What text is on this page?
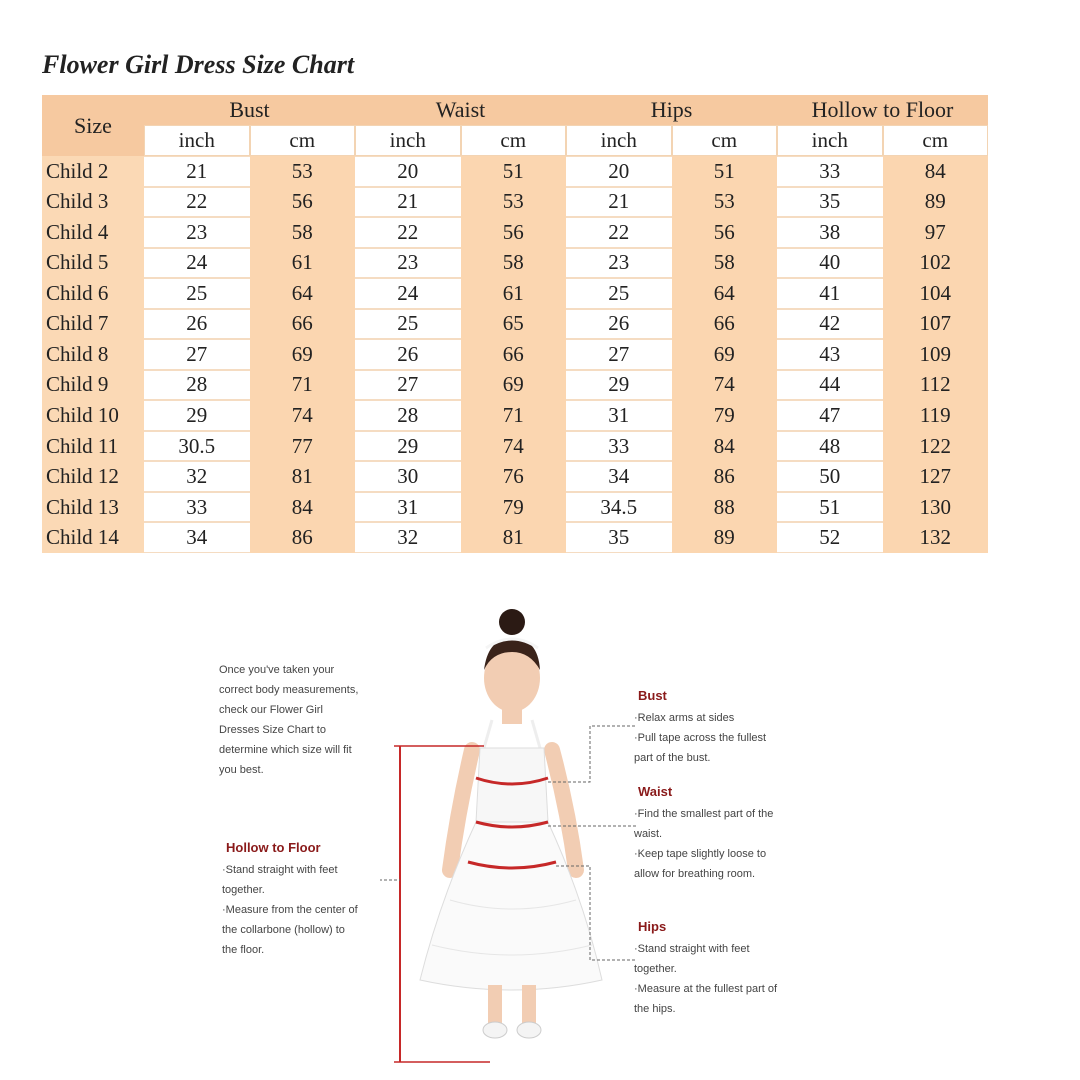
Flower Girl Dress Size Chart
Size
Bust	Waist	Hips	Hollow to Floor
inch	cm	inch	cm	inch	cm	inch	cm
Child 2	21	53	20	51	20	51	33	84
Child 3	22	56	21	53	21	53	35	89
Child 4	23	58	22	56	22	56	38	97
Child 5	24	61	23	58	23	58	40	102
Child 6	25	64	24	61	25	64	41	104
Child 7	26	66	25	65	26	66	42	107
Child 8	27	69	26	66	27	69	43	109
Child 9	28	71	27	69	29	74	44	112
Child 10	29	74	28	71	31	79	47	119
Child 11	30.5	77	29	74	33	84	48	122
Child 12	32	81	30	76	34	86	50	127
Child 13	33	84	31	79	34.5	88	51	130
Child 14	34	86	32	81	35	89	52	132
Once you've taken your
correct body measurements,
check our Flower Girl
Dresses Size Chart to
determine which size will fit
you best.
Bust
·Relax arms at sides
·Pull tape across the fullest
part of the bust.
Waist
·Find the smallest part of the
waist.
·Keep tape slightly loose to
allow for breathing room.
Hips
·Stand straight with feet
together.
·Measure at the fullest part of
the hips.
Hollow to Floor
·Stand straight with feet
together.
·Measure from the center of
the collarbone (hollow) to
the floor.
